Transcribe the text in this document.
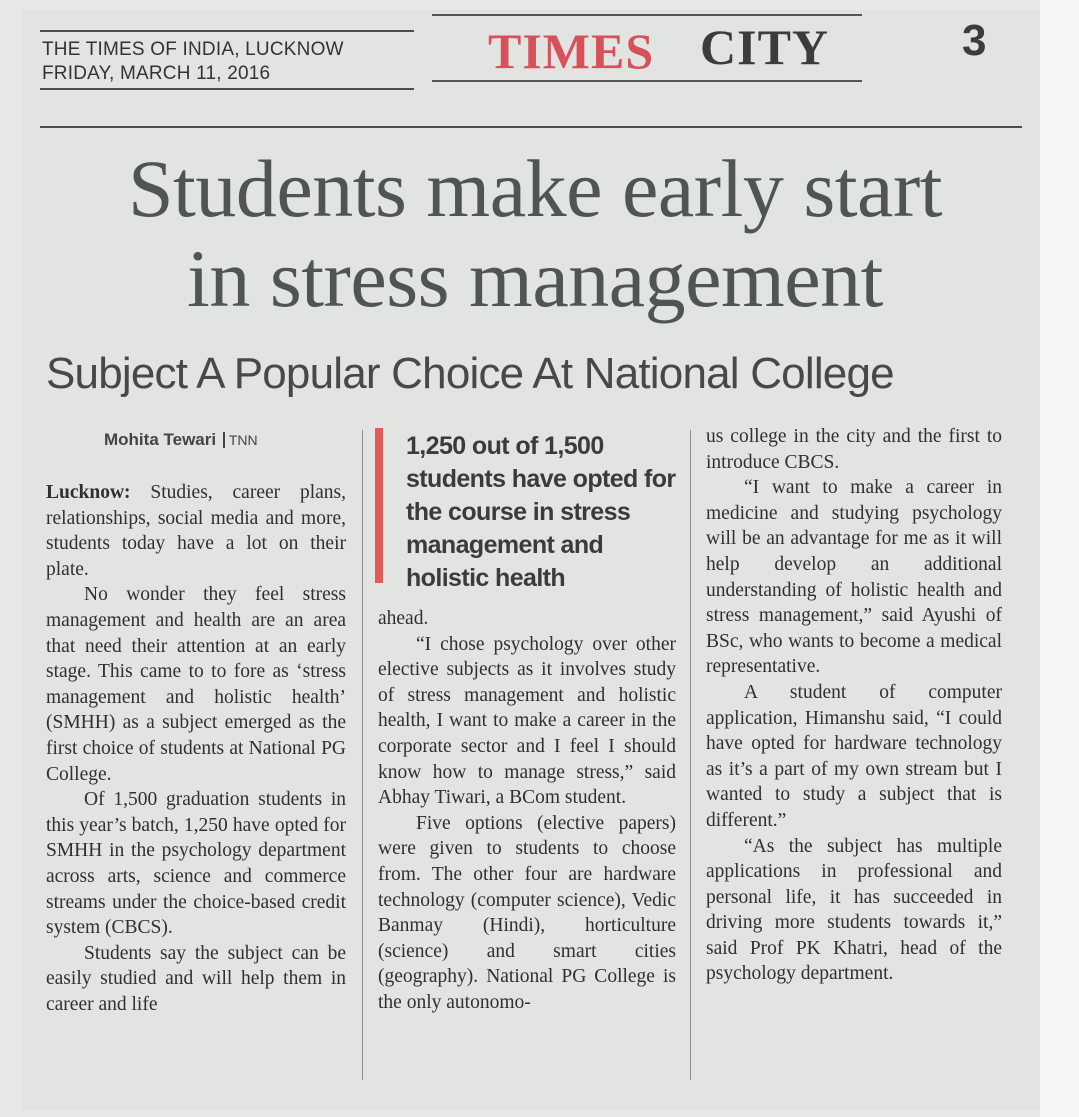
THE TIMES OF INDIA, LUCKNOW
FRIDAY, MARCH 11, 2016	TIMES CITY	3
Students make early start
in stress management
Subject A Popular Choice At National College
Mohita Tewari TNN

Lucknow: Studies, career plans, relationships, social media and more, students today have a lot on their plate.

No wonder they feel stress management and health are an area that need their attention at an early stage. This came to to fore as ‘stress management and holistic health’ (SMHH) as a subject emerged as the first choice of students at National PG College.

Of 1,500 graduation students in this year’s batch, 1,250 have opted for SMHH in the psychology department across arts, science and commerce streams under the choice-based credit system (CBCS).

Students say the subject can be easily studied and will help them in career and life

1,250 out of 1,500 students have opted for the course in stress management and holistic health

ahead.

“I chose psychology over other elective subjects as it involves study of stress management and holistic health, I want to make a career in the corporate sector and I feel I should know how to manage stress,” said Abhay Tiwari, a BCom student.

Five options (elective papers) were given to students to choose from. The other four are hardware technology (computer science), Vedic Banmay (Hindi), horticulture (science) and smart cities (geography). National PG College is the only autonomo-

us college in the city and the first to introduce CBCS.

“I want to make a career in medicine and studying psychology will be an advantage for me as it will help develop an additional understanding of holistic health and stress management,” said Ayushi of BSc, who wants to become a medical representative.

A student of computer application, Himanshu said, “I could have opted for hardware technology as it’s a part of my own stream but I wanted to study a subject that is different.”

“As the subject has multiple applications in professional and personal life, it has succeeded in driving more students towards it,” said Prof PK Khatri, head of the psychology department.
